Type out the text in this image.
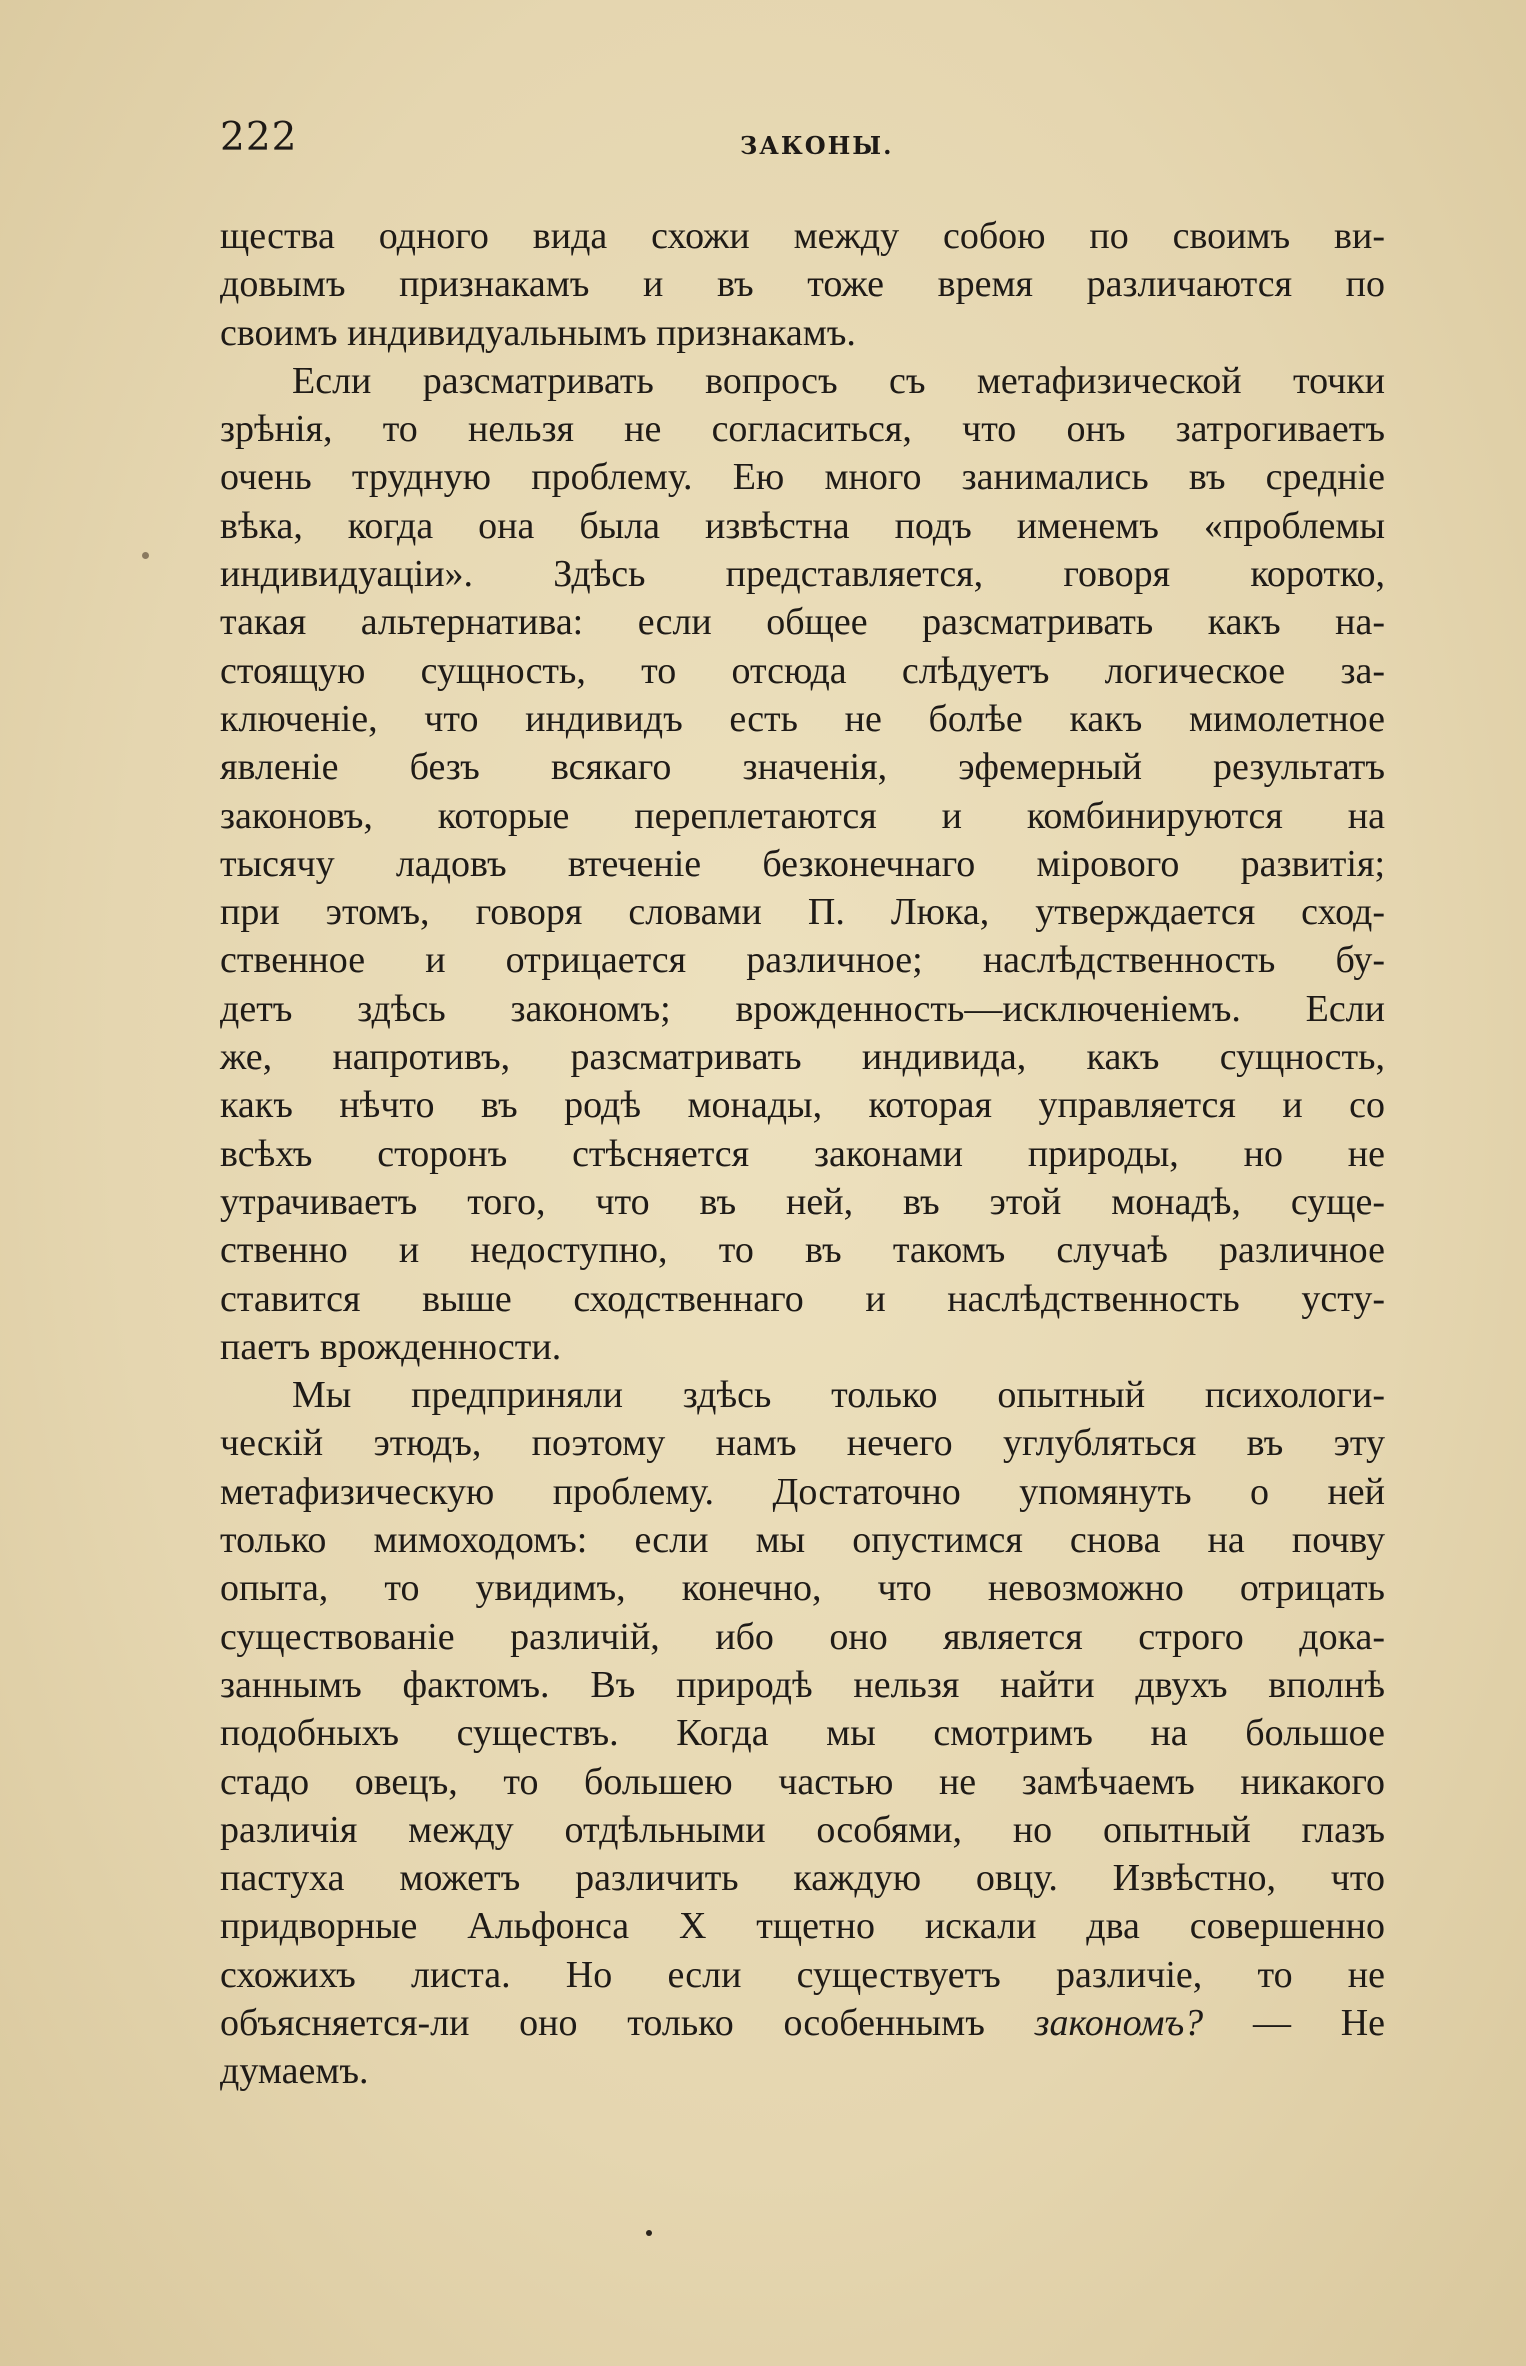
222	ЗАКОНЫ.
щества одного вида схожи между собою по своимъ ви-
довымъ признакамъ и въ тоже время различаются по
своимъ индивидуальнымъ признакамъ.
Если разсматривать вопросъ съ метафизической точки
зрѣнія, то нельзя не согласиться, что онъ затрогиваетъ
очень трудную проблему. Ею много занимались въ средніе
вѣка, когда она была извѣстна подъ именемъ «проблемы
индивидуаціи». Здѣсь представляется, говоря коротко,
такая альтернатива: если общее разсматривать какъ на-
стоящую сущность, то отсюда слѣдуетъ логическое за-
ключеніе, что индивидъ есть не болѣе какъ мимолетное
явленіе безъ всякаго значенія, эфемерный результатъ
законовъ, которые переплетаются и комбинируются на
тысячу ладовъ втеченіе безконечнаго мірового развитія;
при этомъ, говоря словами П. Люка, утверждается сход-
ственное и отрицается различное; наслѣдственность бу-
детъ здѣсь закономъ; врожденность—исключеніемъ. Если
же, напротивъ, разсматривать индивида, какъ сущность,
какъ нѣчто въ родѣ монады, которая управляется и со
всѣхъ сторонъ стѣсняется законами природы, но не
утрачиваетъ того, что въ ней, въ этой монадѣ, суще-
ственно и недоступно, то въ такомъ случаѣ различное
ставится выше сходственнаго и наслѣдственность усту-
паетъ врожденности.
Мы предприняли здѣсь только опытный психологи-
ческій этюдъ, поэтому намъ нечего углубляться въ эту
метафизическую проблему. Достаточно упомянуть о ней
только мимоходомъ: если мы опустимся снова на почву
опыта, то увидимъ, конечно, что невозможно отрицать
существованіе различій, ибо оно является строго дока-
заннымъ фактомъ. Въ природѣ нельзя найти двухъ вполнѣ
подобныхъ существъ. Когда мы смотримъ на большое
стадо овецъ, то большею частью не замѣчаемъ никакого
различія между отдѣльными особями, но опытный глазъ
пастуха можетъ различить каждую овцу. Извѣстно, что
придворные Альфонса X тщетно искали два совершенно
схожихъ листа. Но если существуетъ различіе, то не
объясняется-ли оно только особеннымъ закономъ? — Не
думаемъ.
